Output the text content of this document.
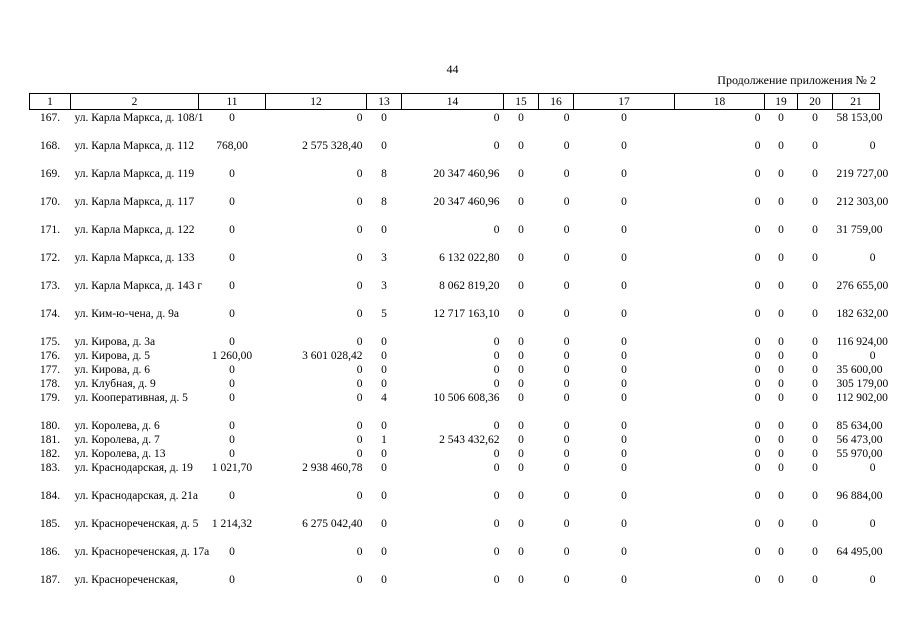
44
Продолжение приложения № 2
1	2	11	12	13	14	15	16	17	18	19	20	21
167.	ул. Карла Маркса, д. 108/1	0	0	0	0	0	0	0	0	0	0	58 153,00
168.	ул. Карла Маркса, д. 112	768,00	2 575 328,40	0	0	0	0	0	0	0	0	0
169.	ул. Карла Маркса, д. 119	0	0	8	20 347 460,96	0	0	0	0	0	0	219 727,00
170.	ул. Карла Маркса, д. 117	0	0	8	20 347 460,96	0	0	0	0	0	0	212 303,00
171.	ул. Карла Маркса, д. 122	0	0	0	0	0	0	0	0	0	0	31 759,00
172.	ул. Карла Маркса, д. 133	0	0	3	6 132 022,80	0	0	0	0	0	0	0
173.	ул. Карла Маркса, д. 143 г	0	0	3	8 062 819,20	0	0	0	0	0	0	276 655,00
174.	ул. Ким-ю-чена, д. 9а	0	0	5	12 717 163,10	0	0	0	0	0	0	182 632,00
175.	ул. Кирова, д. 3а	0	0	0	0	0	0	0	0	0	0	116 924,00
176.	ул. Кирова, д. 5	1 260,00	3 601 028,42	0	0	0	0	0	0	0	0	0
177.	ул. Кирова, д. 6	0	0	0	0	0	0	0	0	0	0	35 600,00
178.	ул. Клубная, д. 9	0	0	0	0	0	0	0	0	0	0	305 179,00
179.	ул. Кооперативная, д. 5	0	0	4	10 506 608,36	0	0	0	0	0	0	112 902,00
180.	ул. Королева, д. 6	0	0	0	0	0	0	0	0	0	0	85 634,00
181.	ул. Королева, д. 7	0	0	1	2 543 432,62	0	0	0	0	0	0	56 473,00
182.	ул. Королева, д. 13	0	0	0	0	0	0	0	0	0	0	55 970,00
183.	ул. Краснодарская, д. 19	1 021,70	2 938 460,78	0	0	0	0	0	0	0	0	0
184.	ул. Краснодарская, д. 21а	0	0	0	0	0	0	0	0	0	0	96 884,00
185.	ул. Краснореченская, д. 5	1 214,32	6 275 042,40	0	0	0	0	0	0	0	0	0
186.	ул. Краснореченская, д. 17а	0	0	0	0	0	0	0	0	0	0	64 495,00
187.	ул. Краснореченская,	0	0	0	0	0	0	0	0	0	0	0
